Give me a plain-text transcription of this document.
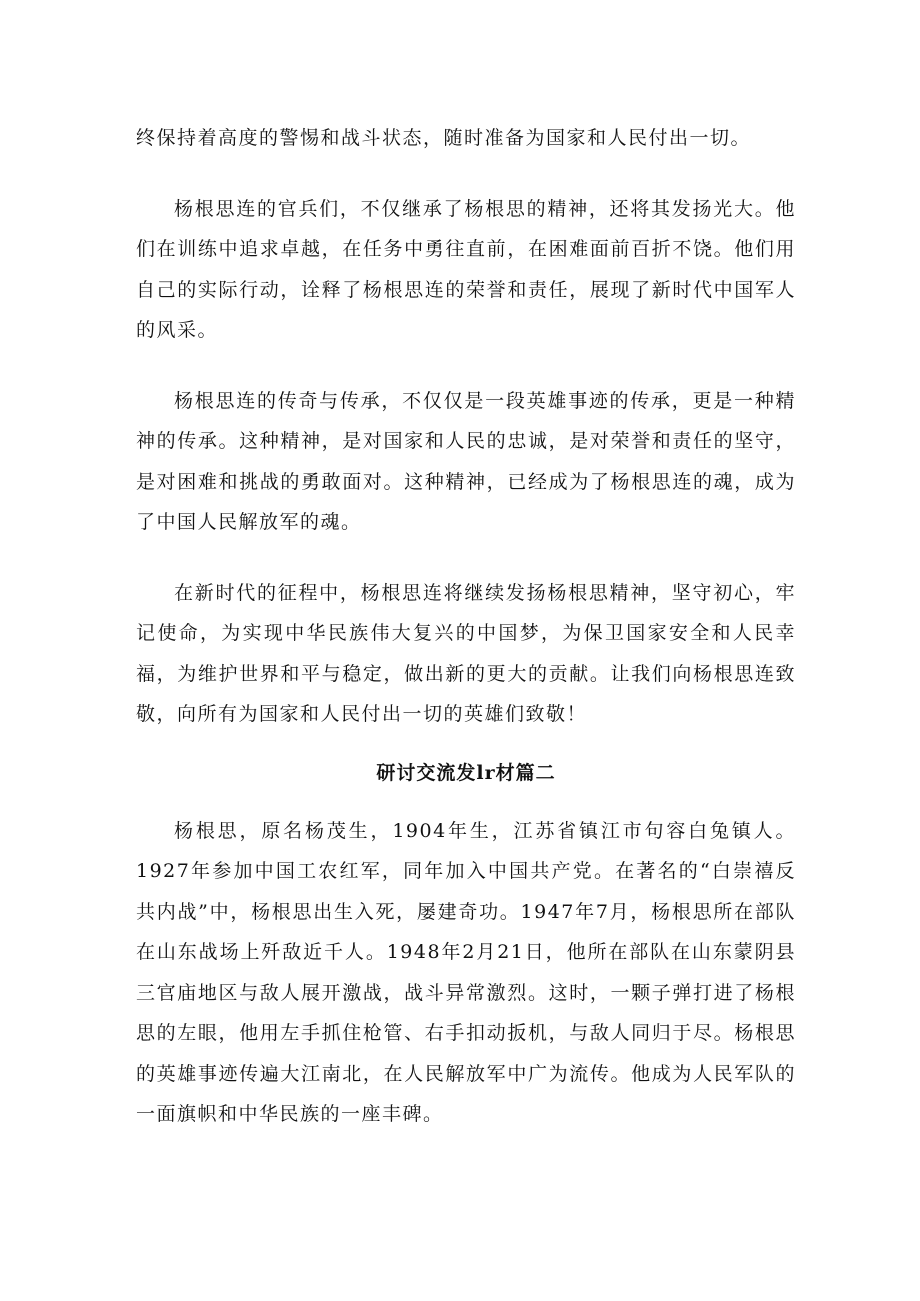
终保持着高度的警惕和战斗状态，随时准备为国家和人民付出一切。

杨根思连的官兵们，不仅继承了杨根思的精神，还将其发扬光大。他们在训练中追求卓越，在任务中勇往直前，在困难面前百折不饶。他们用自己的实际行动，诠释了杨根思连的荣誉和责任，展现了新时代中国军人的风采。

杨根思连的传奇与传承，不仅仅是一段英雄事迹的传承，更是一种精神的传承。这种精神，是对国家和人民的忠诚，是对荣誉和责任的坚守，是对困难和挑战的勇敢面对。这种精神，已经成为了杨根思连的魂，成为了中国人民解放军的魂。

在新时代的征程中，杨根思连将继续发扬杨根思精神，坚守初心，牢记使命，为实现中华民族伟大复兴的中国梦，为保卫国家安全和人民幸福，为维护世界和平与稳定，做出新的更大的贡献。让我们向杨根思连致敬，向所有为国家和人民付出一切的英雄们致敬！

研讨交流发lr材篇二

杨根思，原名杨茂生，1904年生，江苏省镇江市句容白兔镇人。1927年参加中国工农红军，同年加入中国共产党。在著名的“白崇禧反共内战”中，杨根思出生入死，屡建奇功。1947年7月，杨根思所在部队在山东战场上歼敌近千人。1948年2月21日，他所在部队在山东蒙阴县三官庙地区与敌人展开激战，战斗异常激烈。这时，一颗子弹打进了杨根思的左眼，他用左手抓住枪管、右手扣动扳机，与敌人同归于尽。杨根思的英雄事迹传遍大江南北，在人民解放军中广为流传。他成为人民军队的一面旗帜和中华民族的一座丰碑。
